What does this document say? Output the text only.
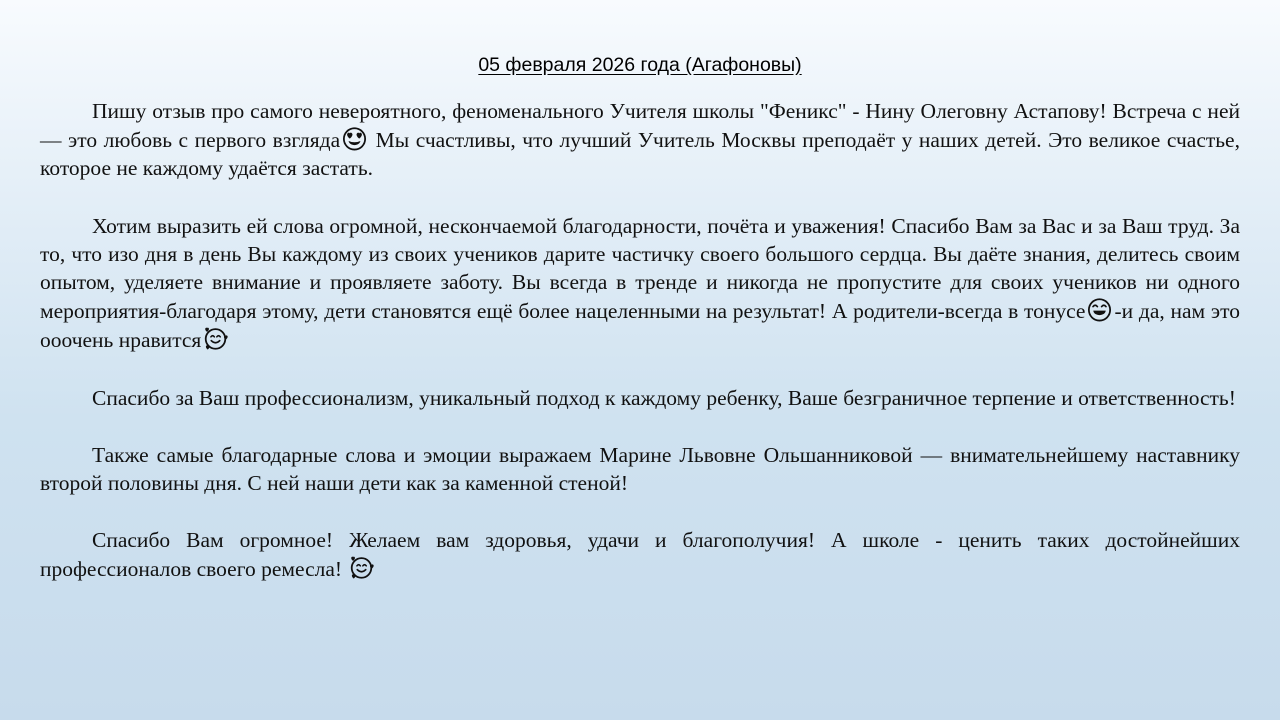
05 февраля 2026 года (Агафоновы)

Пишу отзыв про самого невероятного, феноменального Учителя школы "Феникс" - Нину Олеговну Астапову! Встреча с ней — это любовь с первого взгляда Мы счастливы, что лучший Учитель Москвы преподаёт у наших детей. Это великое счастье, которое не каждому удаётся застать.

Хотим выразить ей слова огромной, нескончаемой благодарности, почёта и уважения! Спасибо Вам за Вас и за Ваш труд. За то, что изо дня в день Вы каждому из своих учеников дарите частичку своего большого сердца. Вы даёте знания, делитесь своим опытом, уделяете внимание и проявляете заботу. Вы всегда в тренде и никогда не пропустите для своих учеников ни одного мероприятия-благодаря этому, дети становятся ещё более нацеленными на результат! А родители-всегда в тонусе -и да, нам это ооочень нравится

Спасибо за Ваш профессионализм, уникальный подход к каждому ребенку, Ваше безграничное терпение и ответственность!

Также самые благодарные слова и эмоции выражаем Марине Львовне Ольшанниковой — внимательнейшему наставнику второй половины дня. С ней наши дети как за каменной стеной!

Спасибо Вам огромное! Желаем вам здоровья, удачи и благополучия! А школе - ценить таких достойнейших профессионалов своего ремесла!
